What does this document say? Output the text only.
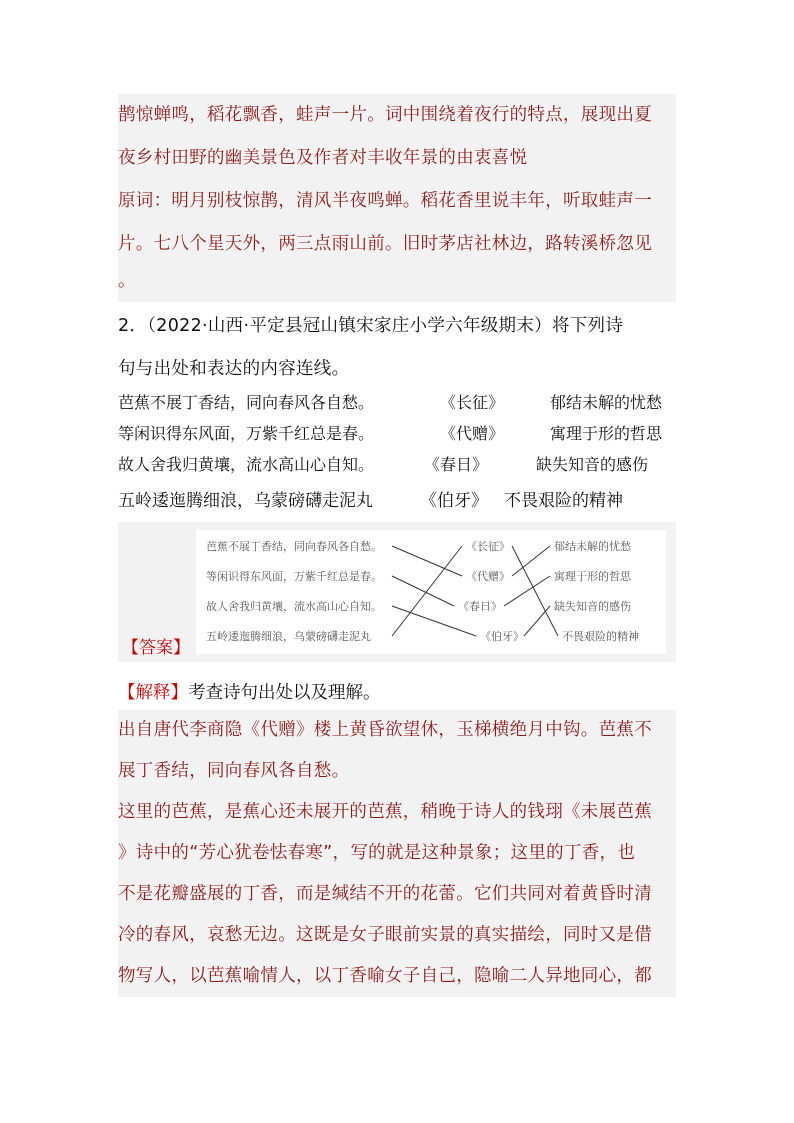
鹊惊蝉鸣，稻花飘香，蛙声一片。词中围绕着夜行的特点，展现出夏
夜乡村田野的幽美景色及作者对丰收年景的由衷喜悦
原词：明月别枝惊鹊，清风半夜鸣蝉。稻花香里说丰年，听取蛙声一
片。七八个星天外，两三点雨山前。旧时茅店社林边，路转溪桥忽见
。
2．（2022·山西·平定县冠山镇宋家庄小学六年级期末）将下列诗
句与出处和表达的内容连线。
芭蕉不展丁香结，同向春风各自愁。	《长征》	郁结未解的忧愁
等闲识得东风面，万紫千红总是春。	《代赠》	寓理于形的哲思
故人舍我归黄壤，流水高山心自知。	《春日》	缺失知音的感伤
五岭逶迤腾细浪，乌蒙磅礴走泥丸	《伯牙》 不畏艰险的精神
芭蕉不展丁香结，同向春风各自愁。
等闲识得东风面，万紫千红总是春。
故人舍我归黄壤，流水高山心自知。
五岭逶迤腾细浪，乌蒙磅礴走泥丸
《长征》
《代赠》
《春日》
《伯牙》
郁结未解的忧愁
寓理于形的哲思
缺失知音的感伤
不畏艰险的精神
【答案】
【解释】考查诗句出处以及理解。
出自唐代李商隐《代赠》楼上黄昏欲望休，玉梯横绝月中钩。芭蕉不
展丁香结，同向春风各自愁。
这里的芭蕉，是蕉心还未展开的芭蕉，稍晚于诗人的钱珝《未展芭蕉
》诗中的“芳心犹卷怯春寒”，写的就是这种景象；这里的丁香，也
不是花瓣盛展的丁香，而是缄结不开的花蕾。它们共同对着黄昏时清
冷的春风，哀愁无边。这既是女子眼前实景的真实描绘，同时又是借
物写人，以芭蕉喻情人，以丁香喻女子自己，隐喻二人异地同心，都
